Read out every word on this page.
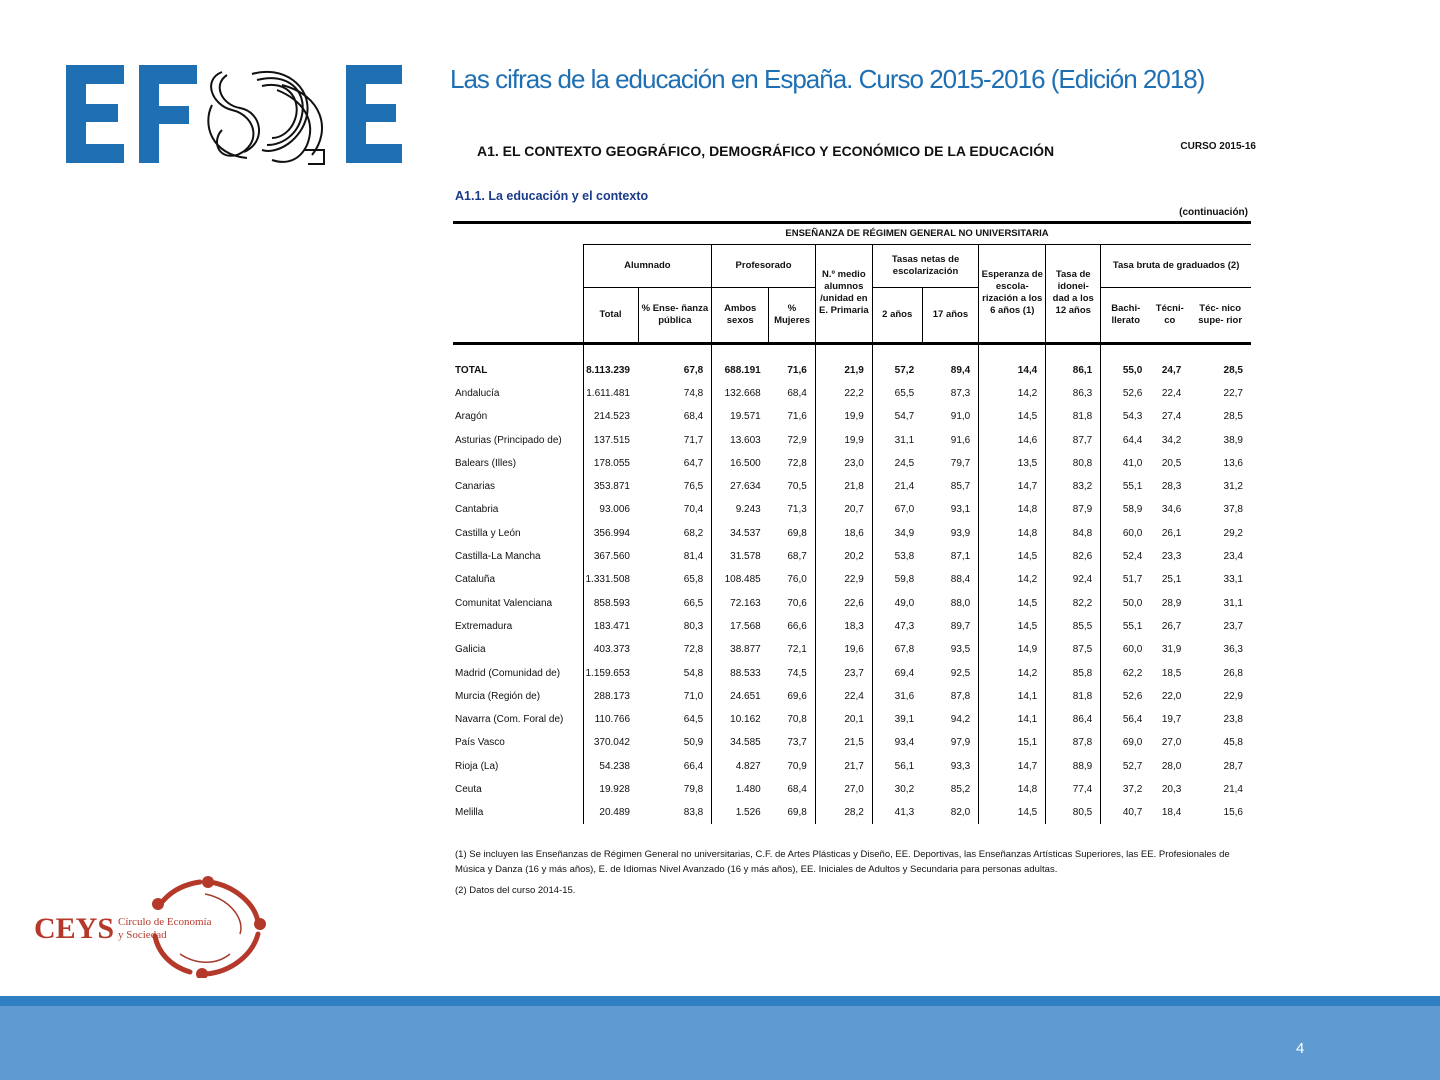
Las cifras de la educación en España. Curso 2015-2016 (Edición 2018)
A1. EL CONTEXTO GEOGRÁFICO, DEMOGRÁFICO Y ECONÓMICO DE LA EDUCACIÓN	CURSO 2015-16
A1.1. La educación y el contexto
(continuación)
	ENSEÑANZA DE RÉGIMEN GENERAL NO UNIVERSITARIA											
	Alumnado		Profesorado		N.º medio alumnos /unidad en E. Primaria	Tasas netas de escolarización		Esperanza de escola- rización a los 6 años (1)	Tasa de idonei- dad a los 12 años	Tasa bruta de graduados (2)		
	Total	% Ense- ñanza pública	Ambos sexos	% Mujeres		2 años	17 años			Bachi- llerato	Técni- co	Téc- nico supe- rior

TOTAL	8.113.239	67,8	688.191	71,6	21,9	57,2	89,4	14,4	86,1	55,0	24,7	28,5
Andalucía	1.611.481	74,8	132.668	68,4	22,2	65,5	87,3	14,2	86,3	52,6	22,4	22,7
Aragón	214.523	68,4	19.571	71,6	19,9	54,7	91,0	14,5	81,8	54,3	27,4	28,5
Asturias (Principado de)	137.515	71,7	13.603	72,9	19,9	31,1	91,6	14,6	87,7	64,4	34,2	38,9
Balears (Illes)	178.055	64,7	16.500	72,8	23,0	24,5	79,7	13,5	80,8	41,0	20,5	13,6
Canarias	353.871	76,5	27.634	70,5	21,8	21,4	85,7	14,7	83,2	55,1	28,3	31,2
Cantabria	93.006	70,4	9.243	71,3	20,7	67,0	93,1	14,8	87,9	58,9	34,6	37,8
Castilla y León	356.994	68,2	34.537	69,8	18,6	34,9	93,9	14,8	84,8	60,0	26,1	29,2
Castilla-La Mancha	367.560	81,4	31.578	68,7	20,2	53,8	87,1	14,5	82,6	52,4	23,3	23,4
Cataluña	1.331.508	65,8	108.485	76,0	22,9	59,8	88,4	14,2	92,4	51,7	25,1	33,1
Comunitat Valenciana	858.593	66,5	72.163	70,6	22,6	49,0	88,0	14,5	82,2	50,0	28,9	31,1
Extremadura	183.471	80,3	17.568	66,6	18,3	47,3	89,7	14,5	85,5	55,1	26,7	23,7
Galicia	403.373	72,8	38.877	72,1	19,6	67,8	93,5	14,9	87,5	60,0	31,9	36,3
Madrid (Comunidad de)	1.159.653	54,8	88.533	74,5	23,7	69,4	92,5	14,2	85,8	62,2	18,5	26,8
Murcia (Región de)	288.173	71,0	24.651	69,6	22,4	31,6	87,8	14,1	81,8	52,6	22,0	22,9
Navarra (Com. Foral de)	110.766	64,5	10.162	70,8	20,1	39,1	94,2	14,1	86,4	56,4	19,7	23,8
País Vasco	370.042	50,9	34.585	73,7	21,5	93,4	97,9	15,1	87,8	69,0	27,0	45,8
Rioja (La)	54.238	66,4	4.827	70,9	21,7	56,1	93,3	14,7	88,9	52,7	28,0	28,7
Ceuta	19.928	79,8	1.480	68,4	27,0	30,2	85,2	14,8	77,4	37,2	20,3	21,4
Melilla	20.489	83,8	1.526	69,8	28,2	41,3	82,0	14,5	80,5	40,7	18,4	15,6

(1) Se incluyen las Enseñanzas de Régimen General no universitarias, C.F. de Artes Plásticas y Diseño, EE. Deportivas, las Enseñanzas Artísticas Superiores, las EE. Profesionales de Música y Danza (16 y más años), E. de Idiomas Nivel Avanzado (16 y más años), EE. Iniciales de Adultos y Secundaria para personas adultas.

(2) Datos del curso 2014-15.

CEYS Círculo de Economía
y Sociedad
4
